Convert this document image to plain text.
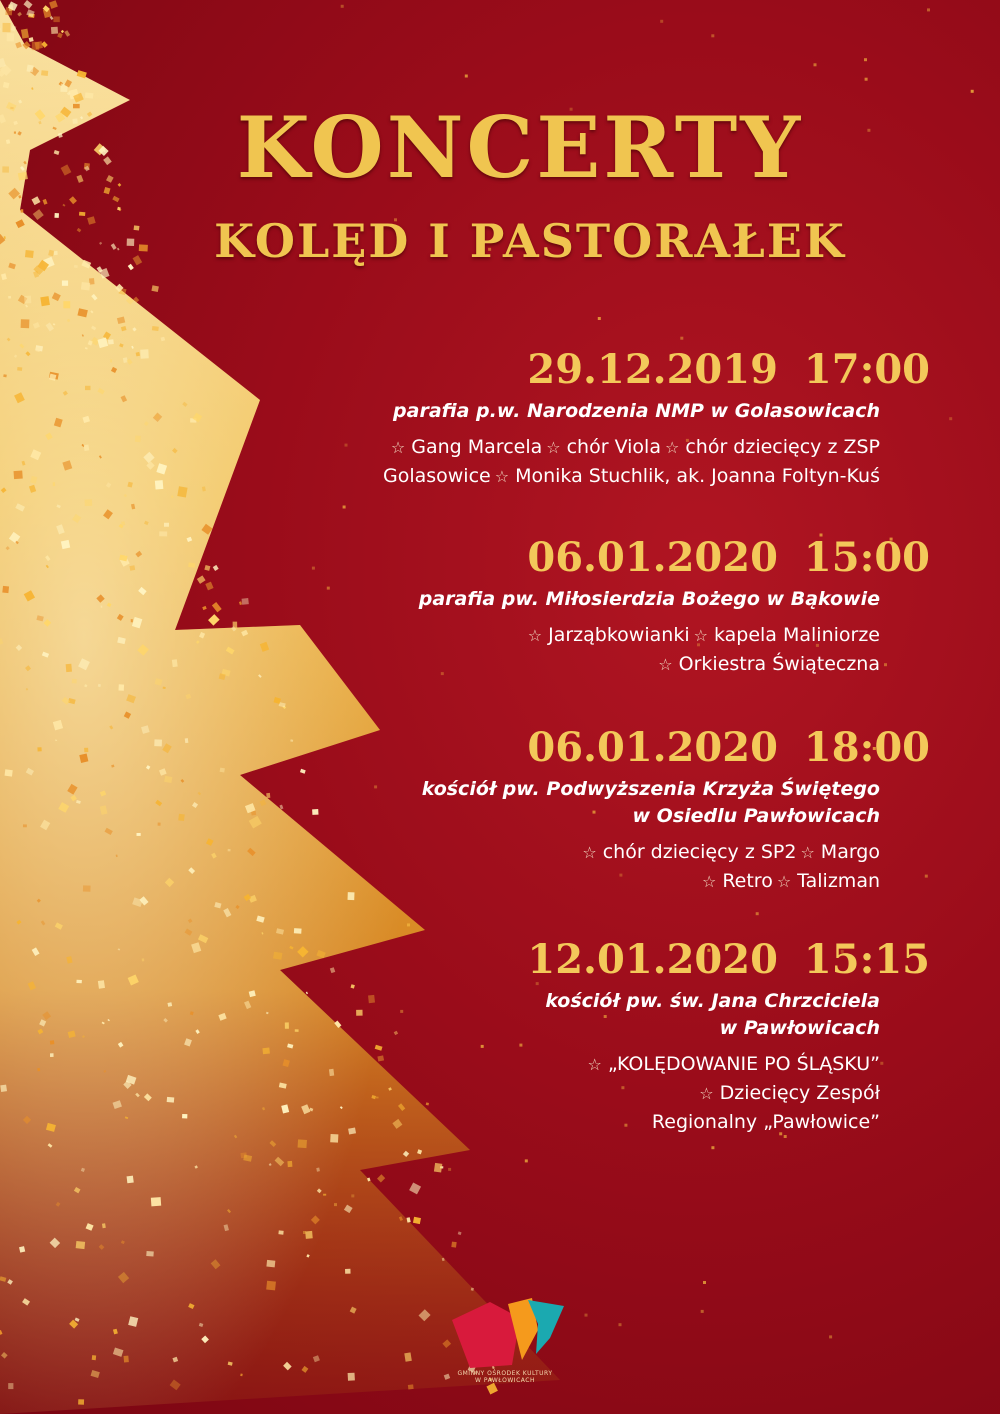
KONCERTY
KOLĘD I PASTORAŁEK
29.12.2019 17:00
parafia p.w. Narodzenia NMP w Golasowicach
☆ Gang Marcela ☆ chór Viola ☆ chór dziecięcy z ZSP
Golasowice ☆ Monika Stuchlik, ak. Joanna Foltyn-Kuś
06.01.2020 15:00
parafia pw. Miłosierdzia Bożego w Bąkowie
☆ Jarząbkowianki ☆ kapela Maliniorze
☆ Orkiestra Świąteczna
06.01.2020 18:00
kościół pw. Podwyższenia Krzyża Świętego
w Osiedlu Pawłowicach
☆ chór dziecięcy z SP2 ☆ Margo
☆ Retro ☆ Talizman
12.01.2020 15:15
kościół pw. św. Jana Chrzciciela
w Pawłowicach
☆ „KOLĘDOWANIE PO ŚLĄSKU”
☆ Dziecięcy Zespół
Regionalny „Pawłowice”
GMINNY OŚRODEK KULTURY
W PAWŁOWICACH
